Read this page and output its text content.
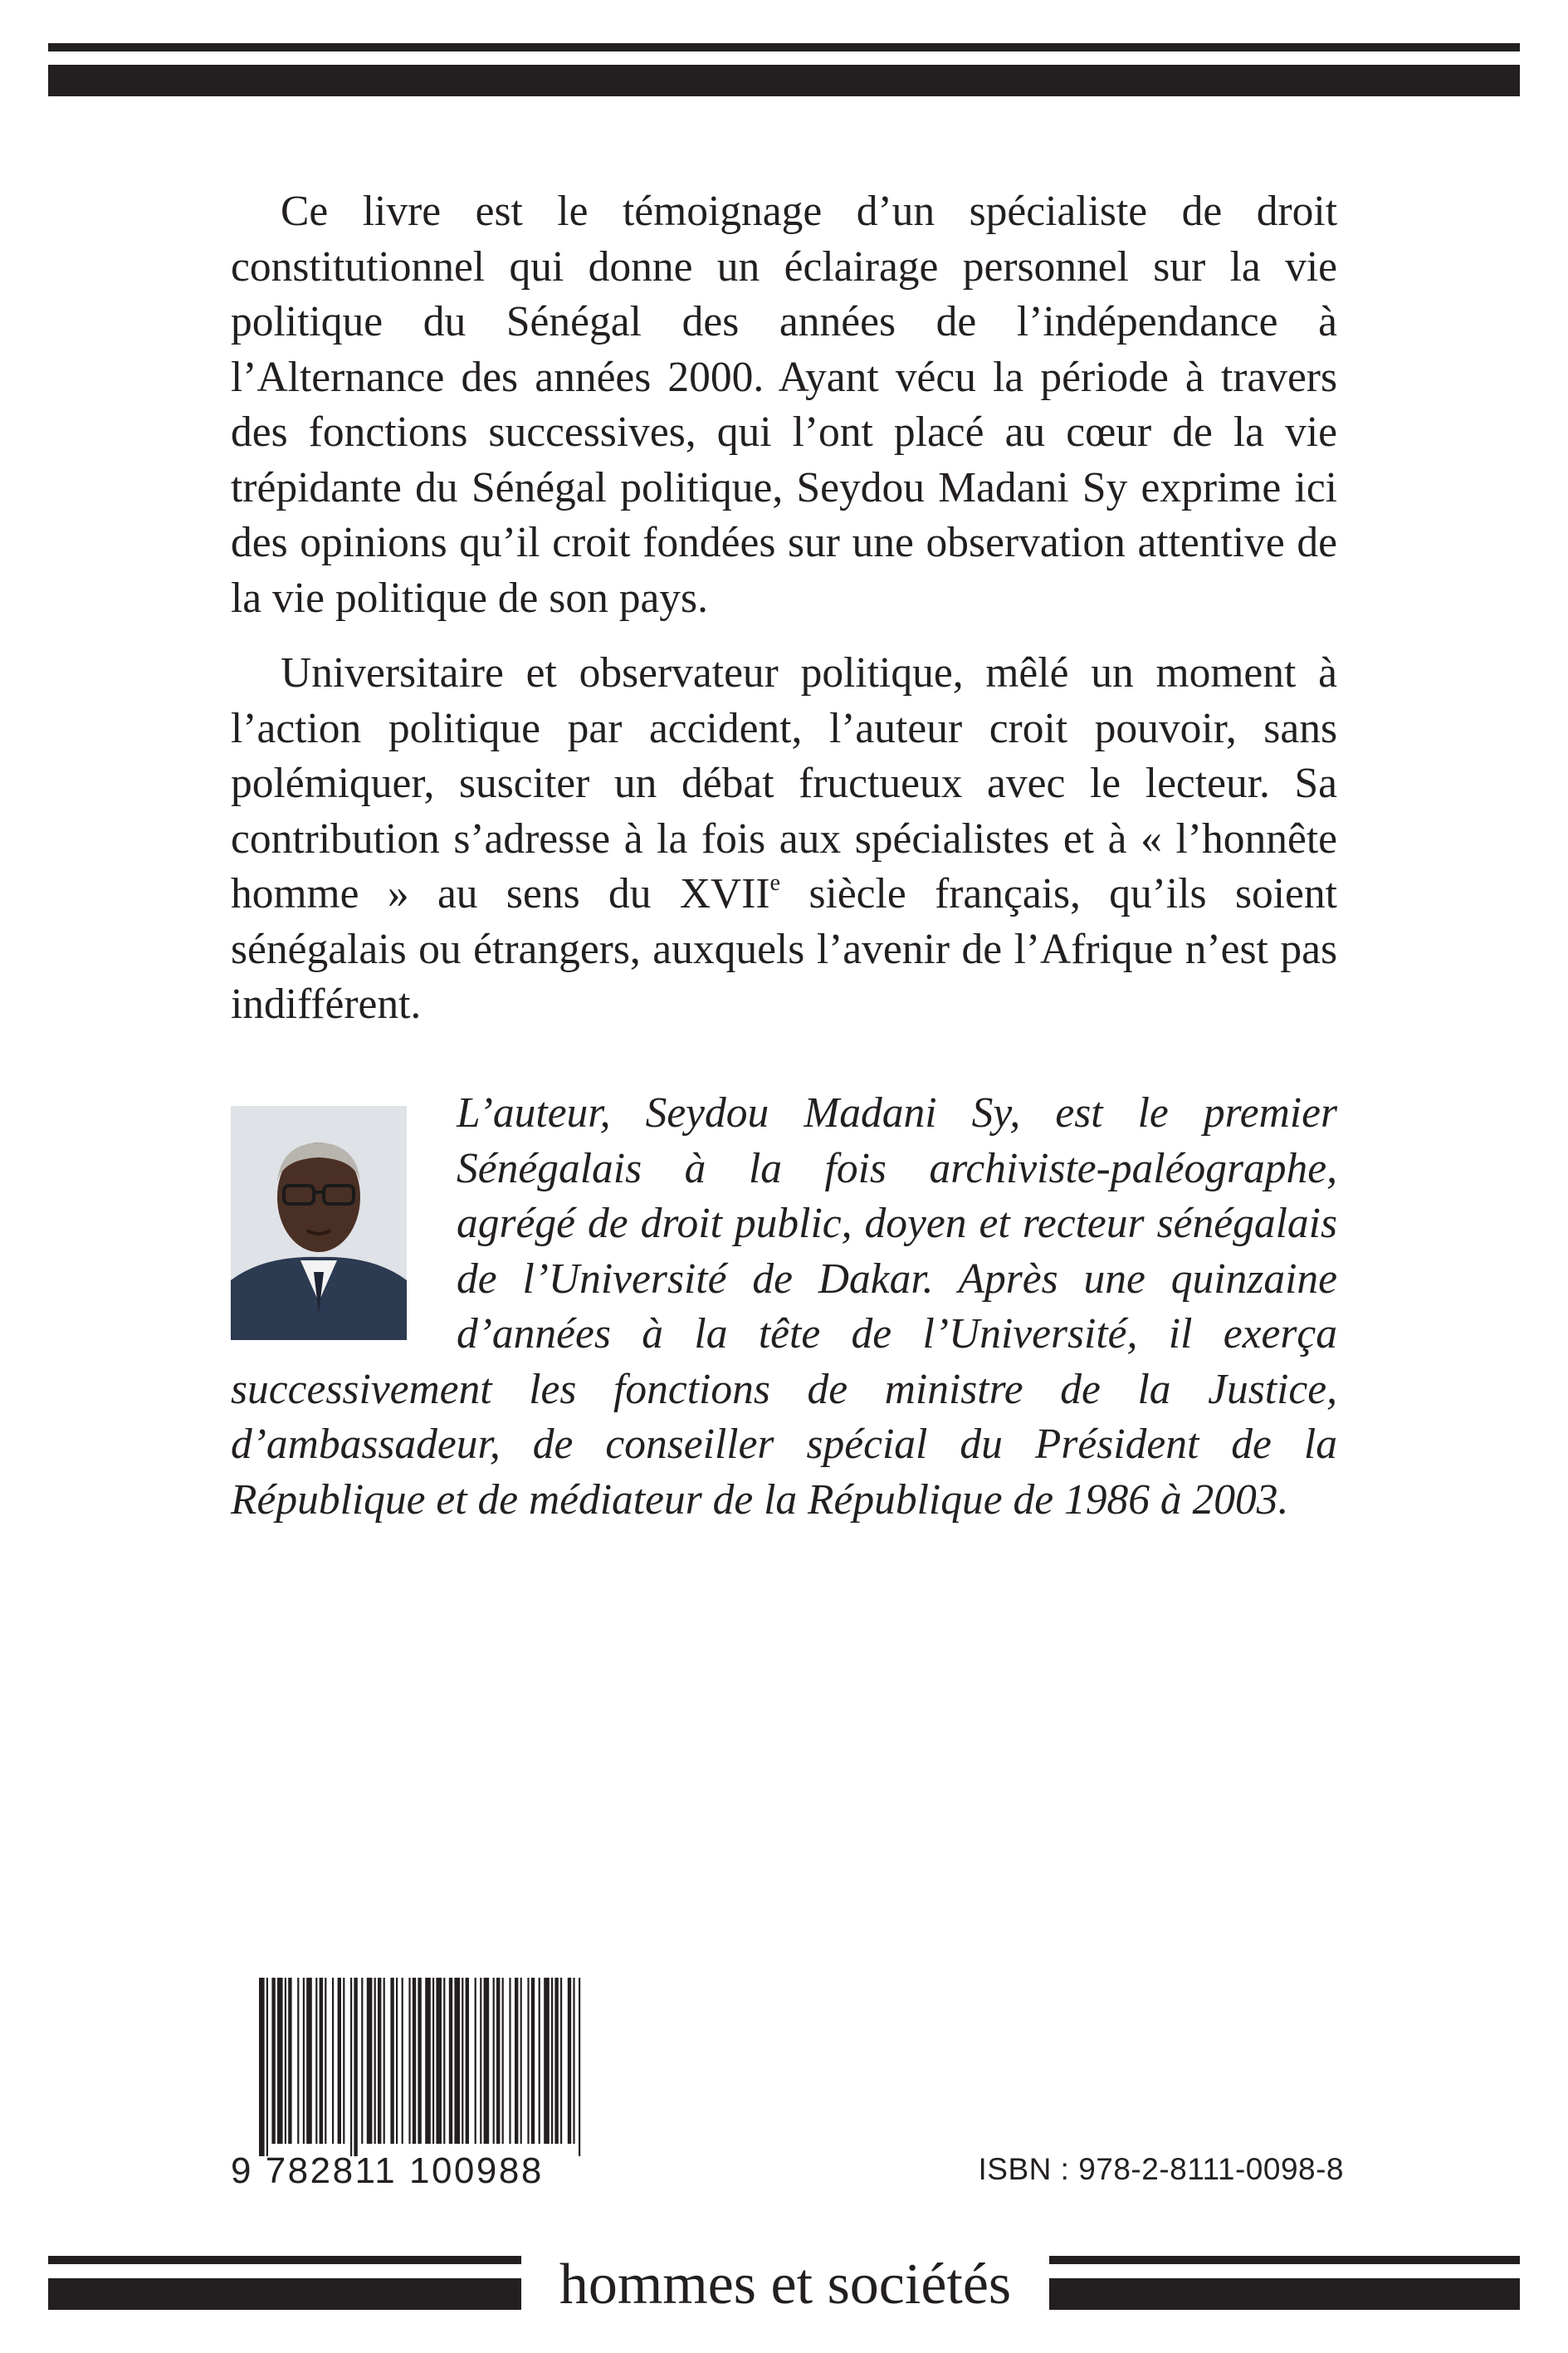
Ce livre est le témoignage d’un spécialiste de droit constitutionnel qui donne un éclairage personnel sur la vie politique du Sénégal des années de l’indépendance à l’Alternance des années 2000. Ayant vécu la période à travers des fonctions successives, qui l’ont placé au cœur de la vie trépidante du Sénégal politique, Seydou Madani Sy exprime ici des opinions qu’il croit fondées sur une observation attentive de la vie politique de son pays.

Universitaire et observateur politique, mêlé un moment à l’action politique par accident, l’auteur croit pouvoir, sans polémiquer, susciter un débat fructueux avec le lecteur. Sa contribution s’adresse à la fois aux spécialistes et à « l’honnête homme » au sens du XVIIe siècle français, qu’ils soient sénégalais ou étrangers, auxquels l’avenir de l’Afrique n’est pas indifférent.

L’auteur, Seydou Madani Sy, est le premier Sénégalais à la fois archiviste-paléographe, agrégé de droit public, doyen et recteur sénégalais de l’Université de Dakar. Après une quinzaine d’années à la tête de l’Université, il exerça successivement les fonctions de ministre de la Justice, d’ambassadeur, de conseiller spécial du Président de la République et de médiateur de la République de 1986 à 2003.

9 782811 100988	ISBN : 978-2-8111-0098-8
hommes et sociétés
